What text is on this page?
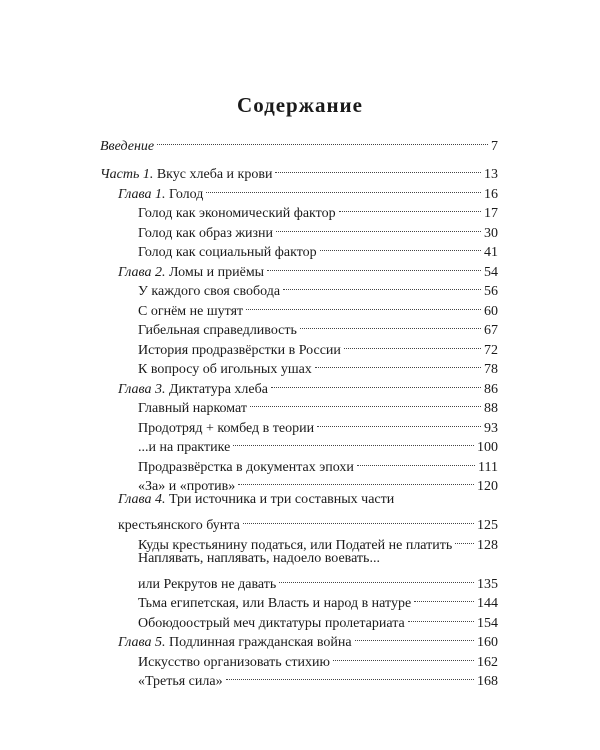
Содержание
Введение	7
Часть 1. Вкус хлеба и крови	13
Глава 1. Голод	16
Голод как экономический фактор	17
Голод как образ жизни	30
Голод как социальный фактор	41
Глава 2. Ломы и приёмы	54
У каждого своя свобода	56
С огнём не шутят	60
Гибельная справедливость	67
История продразвёрстки в России	72
К вопросу об игольных ушах	78
Глава 3. Диктатура хлеба	86
Главный наркомат	88
Продотряд + комбед в теории	93
...и на практике	100
Продразвёрстка в документах эпохи	111
«За» и «против»	120
Глава 4. Три источника и три составных части
крестьянского бунта	125
Куды крестьянину податься, или Податей не платить 128
Наплявать, наплявать, надоело воевать...
или Рекрутов не давать	135
Тьма египетская, или Власть и народ в натуре	144
Обоюдоострый меч диктатуры пролетариата	154
Глава 5. Подлинная гражданская война	160
Искусство организовать стихию	162
«Третья сила»	168
